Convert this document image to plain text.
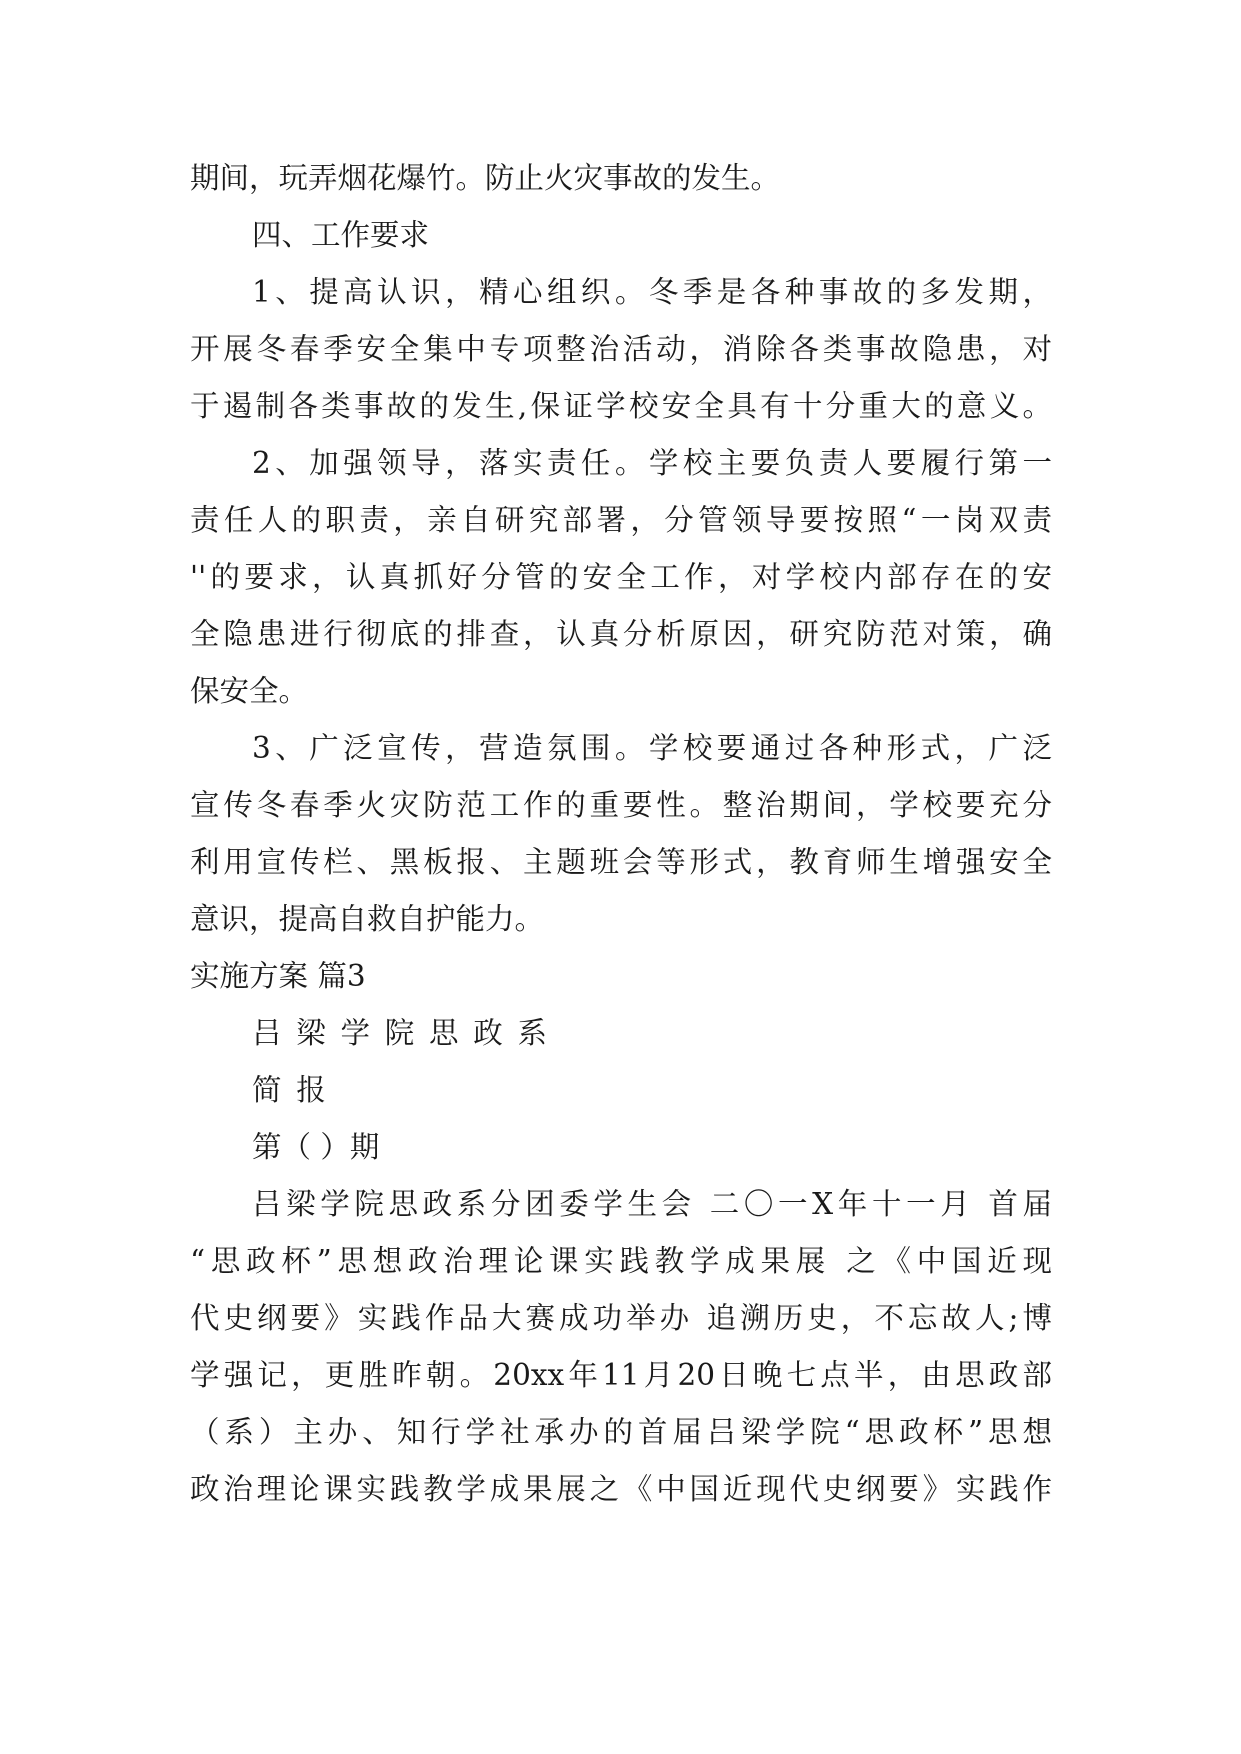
期间，玩弄烟花爆竹。防止火灾事故的发生。
四、工作要求
1、提高认识，精心组织。冬季是各种事故的多发期，
开展冬春季安全集中专项整治活动，消除各类事故隐患，对
于遏制各类事故的发生,保证学校安全具有十分重大的意义。
2、加强领导，落实责任。学校主要负责人要履行第一
责任人的职责，亲自研究部署，分管领导要按照“一岗双责
''的要求，认真抓好分管的安全工作，对学校内部存在的安
全隐患进行彻底的排查，认真分析原因，研究防范对策，确
保安全。
3、广泛宣传，营造氛围。学校要通过各种形式，广泛
宣传冬春季火灾防范工作的重要性。整治期间，学校要充分
利用宣传栏、黑板报、主题班会等形式，教育师生增强安全
意识，提高自救自护能力。
实施方案 篇3
吕梁学院思政系
简报
第（ ）期
吕梁学院思政系分团委学生会 二〇一X年十一月 首届
“思政杯”思想政治理论课实践教学成果展 之《中国近现
代史纲要》实践作品大赛成功举办 追溯历史，不忘故人;博
学强记，更胜昨朝。20xx年11月20日晚七点半，由思政部
（系）主办、知行学社承办的首届吕梁学院“思政杯”思想
政治理论课实践教学成果展之《中国近现代史纲要》实践作
